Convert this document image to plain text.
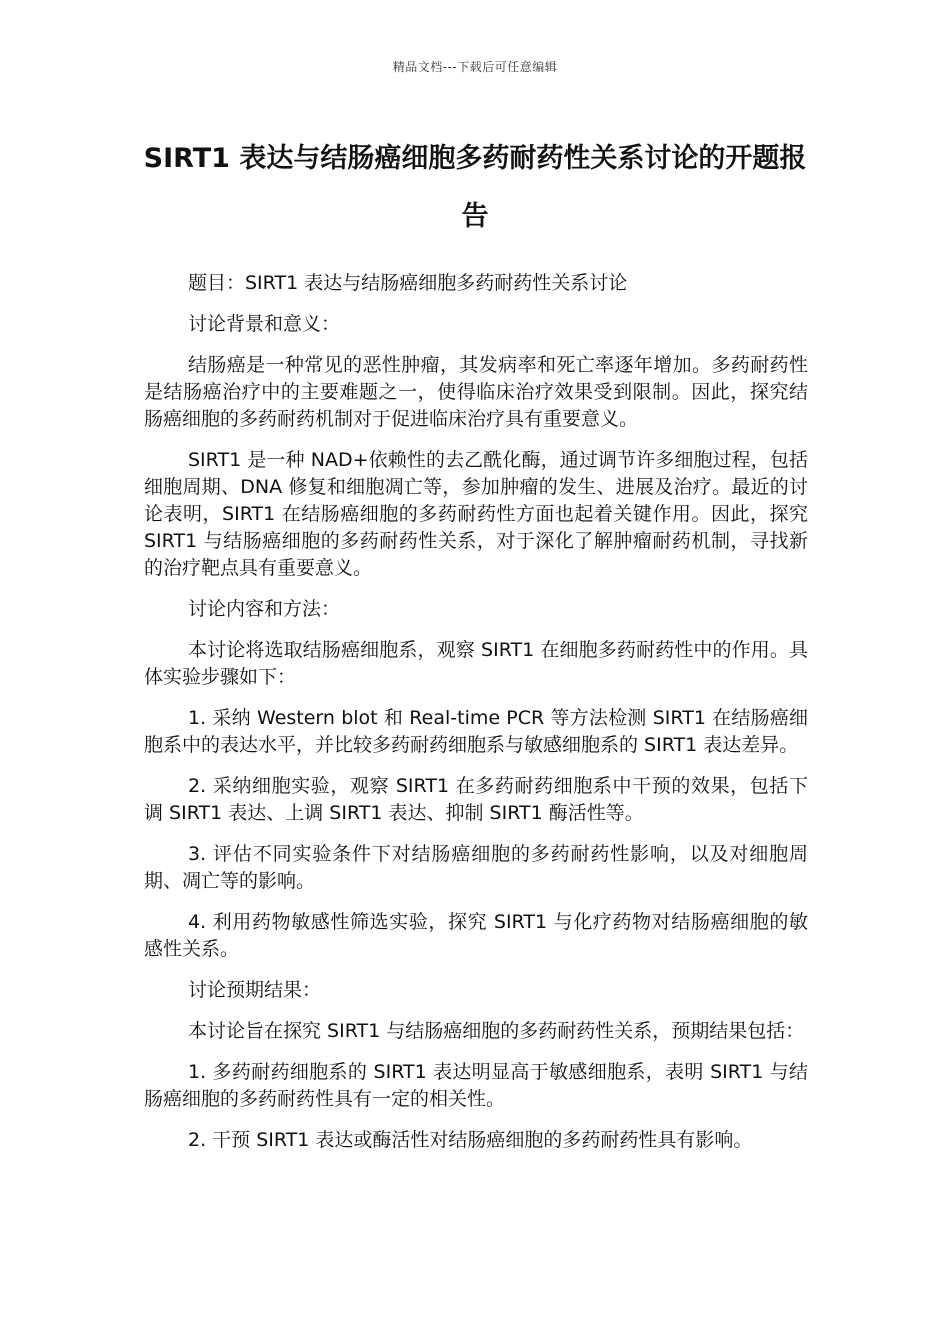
精品文档---下载后可任意编辑
SIRT1 表达与结肠癌细胞多药耐药性关系讨论的开题报告

题目：SIRT1 表达与结肠癌细胞多药耐药性关系讨论

讨论背景和意义：

结肠癌是一种常见的恶性肿瘤，其发病率和死亡率逐年增加。多药耐药性是结肠癌治疗中的主要难题之一，使得临床治疗效果受到限制。因此，探究结肠癌细胞的多药耐药机制对于促进临床治疗具有重要意义。

SIRT1 是一种 NAD+依赖性的去乙酰化酶，通过调节许多细胞过程，包括细胞周期、DNA 修复和细胞凋亡等，参加肿瘤的发生、进展及治疗。最近的讨论表明，SIRT1 在结肠癌细胞的多药耐药性方面也起着关键作用。因此，探究 SIRT1 与结肠癌细胞的多药耐药性关系，对于深化了解肿瘤耐药机制，寻找新的治疗靶点具有重要意义。

讨论内容和方法：

本讨论将选取结肠癌细胞系，观察 SIRT1 在细胞多药耐药性中的作用。具体实验步骤如下：

1. 采纳 Western blot 和 Real-time PCR 等方法检测 SIRT1 在结肠癌细胞系中的表达水平，并比较多药耐药细胞系与敏感细胞系的 SIRT1 表达差异。

2. 采纳细胞实验，观察 SIRT1 在多药耐药细胞系中干预的效果，包括下调 SIRT1 表达、上调 SIRT1 表达、抑制 SIRT1 酶活性等。

3. 评估不同实验条件下对结肠癌细胞的多药耐药性影响，以及对细胞周期、凋亡等的影响。

4. 利用药物敏感性筛选实验，探究 SIRT1 与化疗药物对结肠癌细胞的敏感性关系。

讨论预期结果：

本讨论旨在探究 SIRT1 与结肠癌细胞的多药耐药性关系，预期结果包括：

1. 多药耐药细胞系的 SIRT1 表达明显高于敏感细胞系，表明 SIRT1 与结肠癌细胞的多药耐药性具有一定的相关性。

2. 干预 SIRT1 表达或酶活性对结肠癌细胞的多药耐药性具有影响。
